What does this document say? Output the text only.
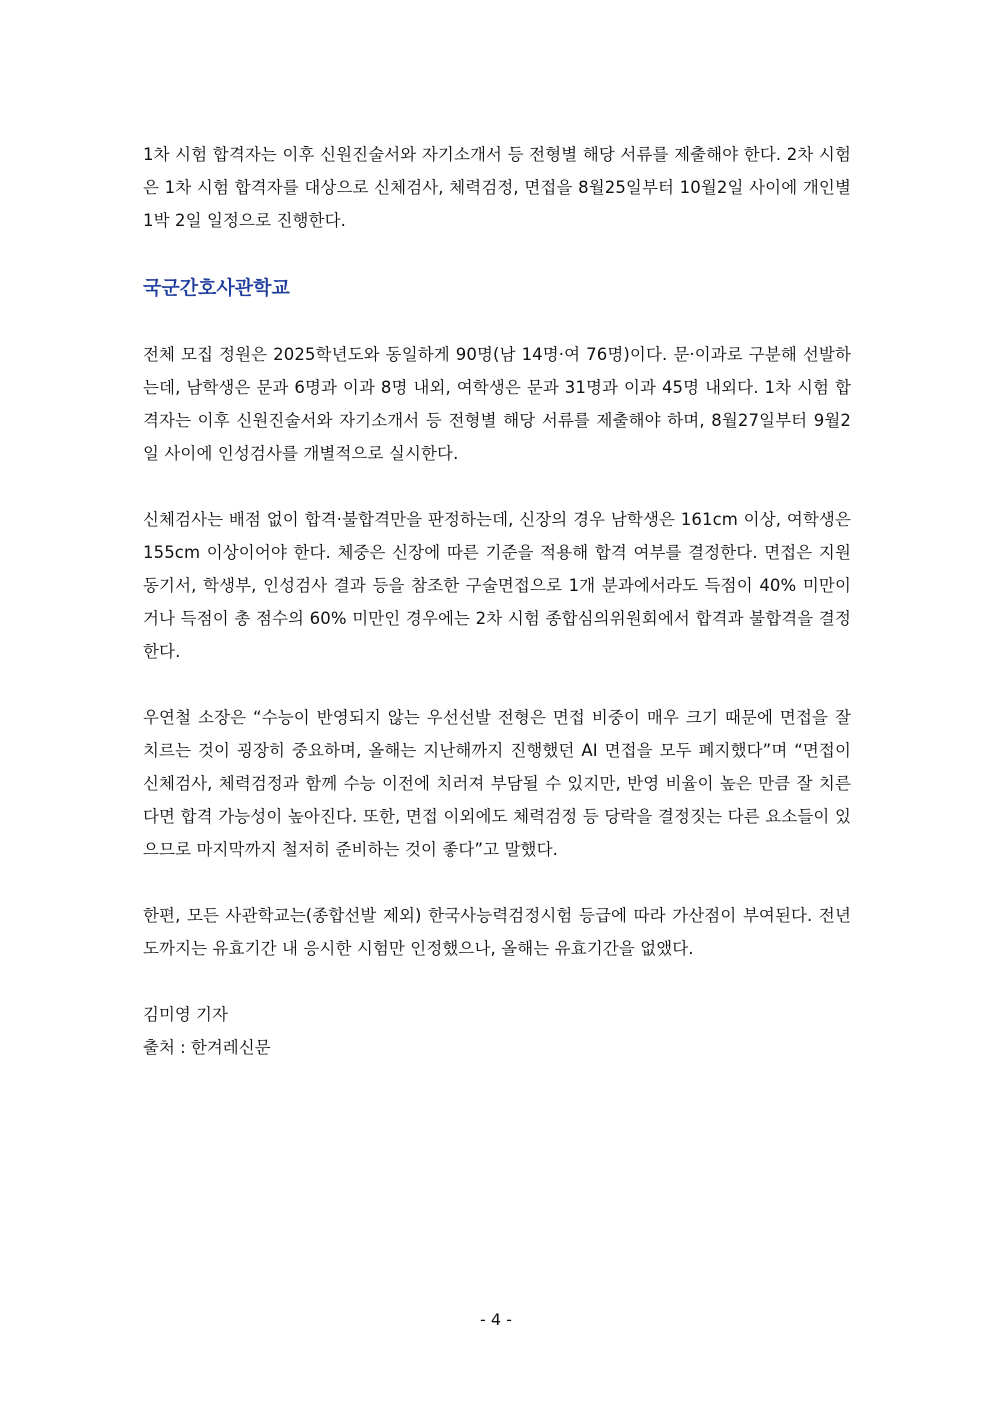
1차 시험 합격자는 이후 신원진술서와 자기소개서 등 전형별 해당 서류를 제출해야 한다. 2차 시험은 1차 시험 합격자를 대상으로 신체검사, 체력검정, 면접을 8월25일부터 10월2일 사이에 개인별 1박 2일 일정으로 진행한다.

국군간호사관학교

전체 모집 정원은 2025학년도와 동일하게 90명(남 14명·여 76명)이다. 문·이과로 구분해 선발하는데, 남학생은 문과 6명과 이과 8명 내외, 여학생은 문과 31명과 이과 45명 내외다. 1차 시험 합격자는 이후 신원진술서와 자기소개서 등 전형별 해당 서류를 제출해야 하며, 8월27일부터 9월2일 사이에 인성검사를 개별적으로 실시한다.

신체검사는 배점 없이 합격·불합격만을 판정하는데, 신장의 경우 남학생은 161cm 이상, 여학생은 155cm 이상이어야 한다. 체중은 신장에 따른 기준을 적용해 합격 여부를 결정한다. 면접은 지원동기서, 학생부, 인성검사 결과 등을 참조한 구술면접으로 1개 분과에서라도 득점이 40% 미만이거나 득점이 총 점수의 60% 미만인 경우에는 2차 시험 종합심의위원회에서 합격과 불합격을 결정한다.

우연철 소장은 “수능이 반영되지 않는 우선선발 전형은 면접 비중이 매우 크기 때문에 면접을 잘 치르는 것이 굉장히 중요하며, 올해는 지난해까지 진행했던 AI 면접을 모두 폐지했다”며 “면접이 신체검사, 체력검정과 함께 수능 이전에 치러져 부담될 수 있지만, 반영 비율이 높은 만큼 잘 치른다면 합격 가능성이 높아진다. 또한, 면접 이외에도 체력검정 등 당락을 결정짓는 다른 요소들이 있으므로 마지막까지 철저히 준비하는 것이 좋다”고 말했다.

한편, 모든 사관학교는(종합선발 제외) 한국사능력검정시험 등급에 따라 가산점이 부여된다. 전년도까지는 유효기간 내 응시한 시험만 인정했으나, 올해는 유효기간을 없앴다.

김미영 기자

출처 : 한겨레신문

- 4 -
